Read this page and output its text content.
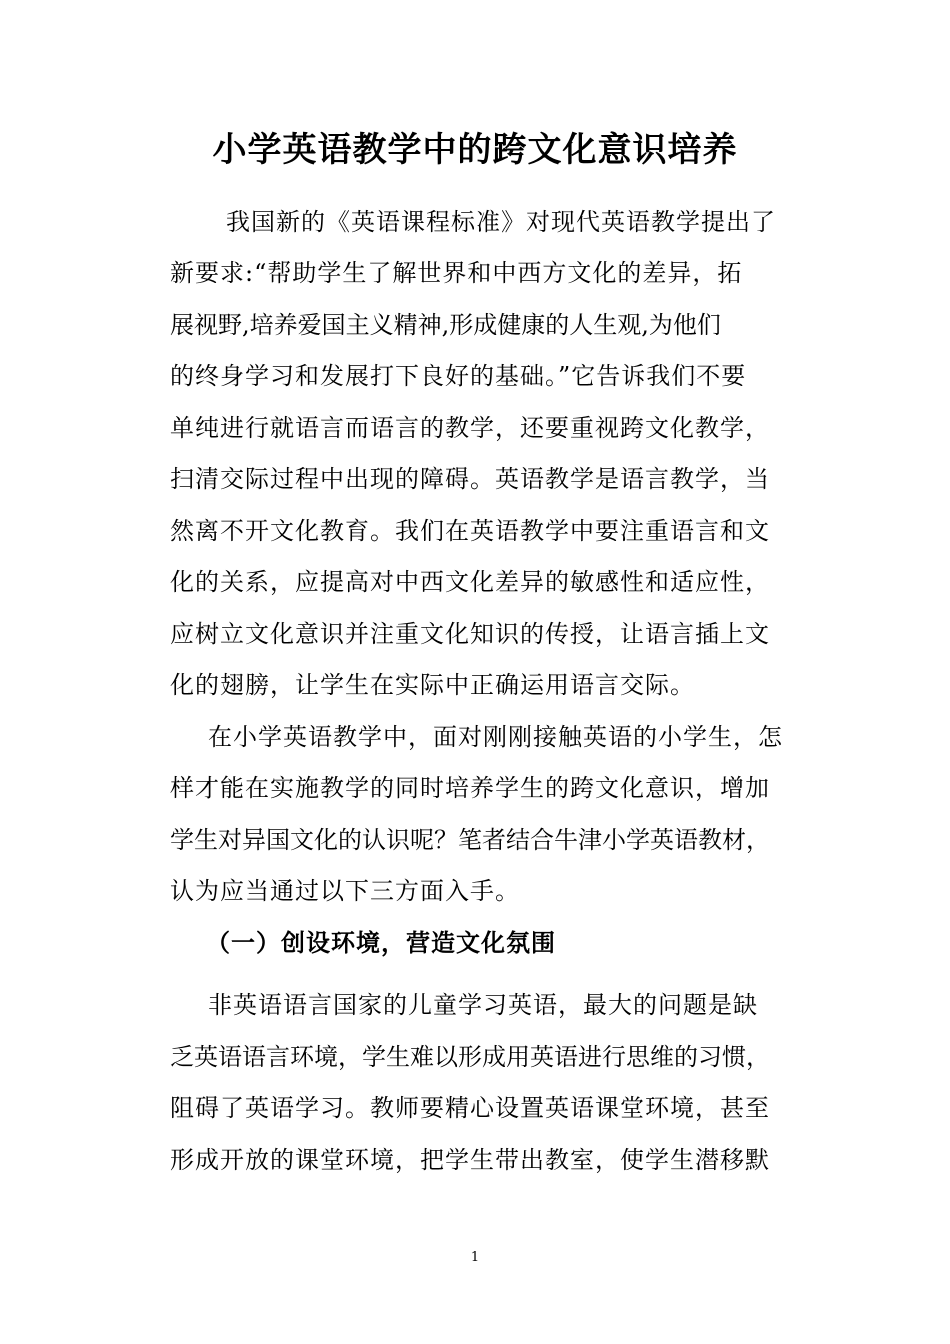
小学英语教学中的跨文化意识培养
我国新的《英语课程标准》对现代英语教学提出了
新要求:“帮助学生了解世界和中西方文化的差异，拓
展视野,培养爱国主义精神,形成健康的人生观,为他们
的终身学习和发展打下良好的基础。”它告诉我们不要
单纯进行就语言而语言的教学，还要重视跨文化教学，
扫清交际过程中出现的障碍。英语教学是语言教学，当
然离不开文化教育。我们在英语教学中要注重语言和文
化的关系，应提高对中西文化差异的敏感性和适应性，
应树立文化意识并注重文化知识的传授，让语言插上文
化的翅膀，让学生在实际中正确运用语言交际。
在小学英语教学中，面对刚刚接触英语的小学生，怎
样才能在实施教学的同时培养学生的跨文化意识，增加
学生对异国文化的认识呢？笔者结合牛津小学英语教材，
认为应当通过以下三方面入手。
（一）创设环境，营造文化氛围
非英语语言国家的儿童学习英语，最大的问题是缺
乏英语语言环境，学生难以形成用英语进行思维的习惯，
阻碍了英语学习。教师要精心设置英语课堂环境，甚至
形成开放的课堂环境，把学生带出教室，使学生潜移默
1
